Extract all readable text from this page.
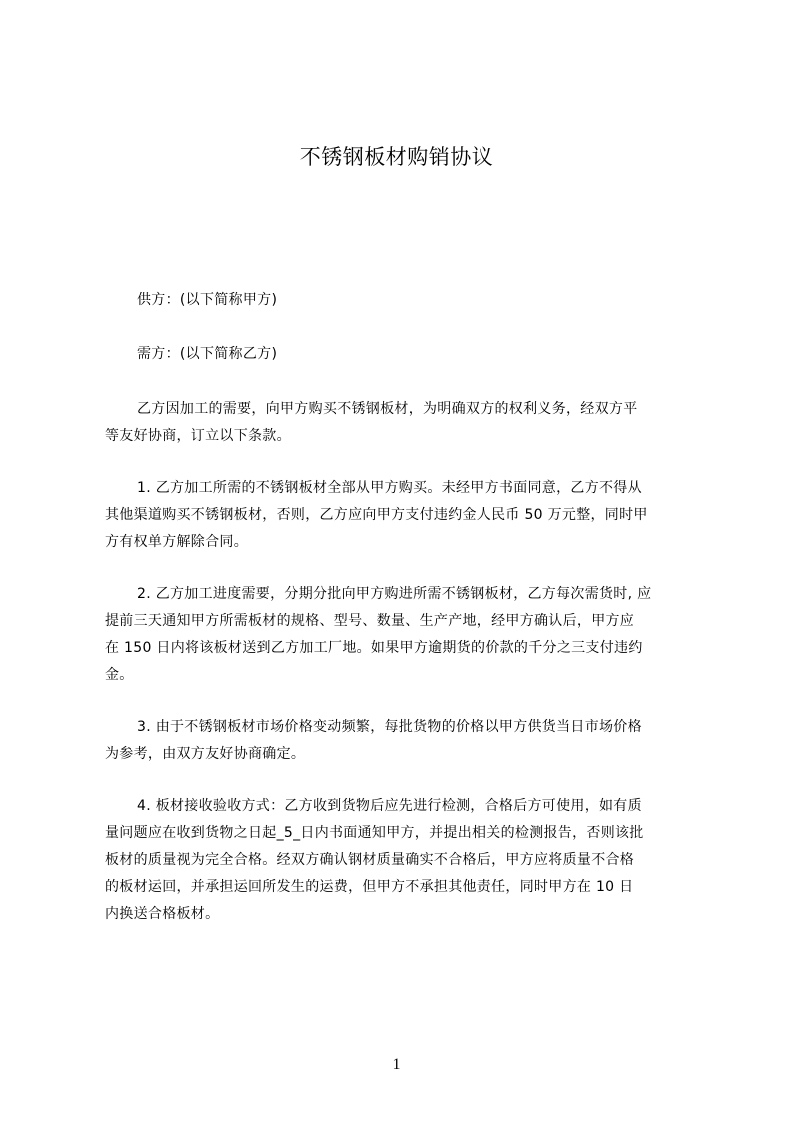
不锈钢板材购销协议
供方：(以下简称甲方)
需方：(以下简称乙方)
乙方因加工的需要，向甲方购买不锈钢板材，为明确双方的权利义务，经双方平
等友好协商，订立以下条款。
1. 乙方加工所需的不锈钢板材全部从甲方购买。未经甲方书面同意，乙方不得从
其他渠道购买不锈钢板材，否则，乙方应向甲方支付违约金人民币 50 万元整，同时甲
方有权单方解除合同。
2. 乙方加工进度需要，分期分批向甲方购进所需不锈钢板材，乙方每次需货时, 应
提前三天通知甲方所需板材的规格、型号、数量、生产产地，经甲方确认后，甲方应
在 150 日内将该板材送到乙方加工厂地。如果甲方逾期货的价款的千分之三支付违约
金。
3. 由于不锈钢板材市场价格变动频繁，每批货物的价格以甲方供货当日市场价格
为参考，由双方友好协商确定。
4. 板材接收验收方式：乙方收到货物后应先进行检测，合格后方可使用，如有质
量问题应在收到货物之日起_5_日内书面通知甲方，并提出相关的检测报告，否则该批
板材的质量视为完全合格。经双方确认钢材质量确实不合格后，甲方应将质量不合格
的板材运回，并承担运回所发生的运费，但甲方不承担其他责任，同时甲方在 10 日
内换送合格板材。
1
